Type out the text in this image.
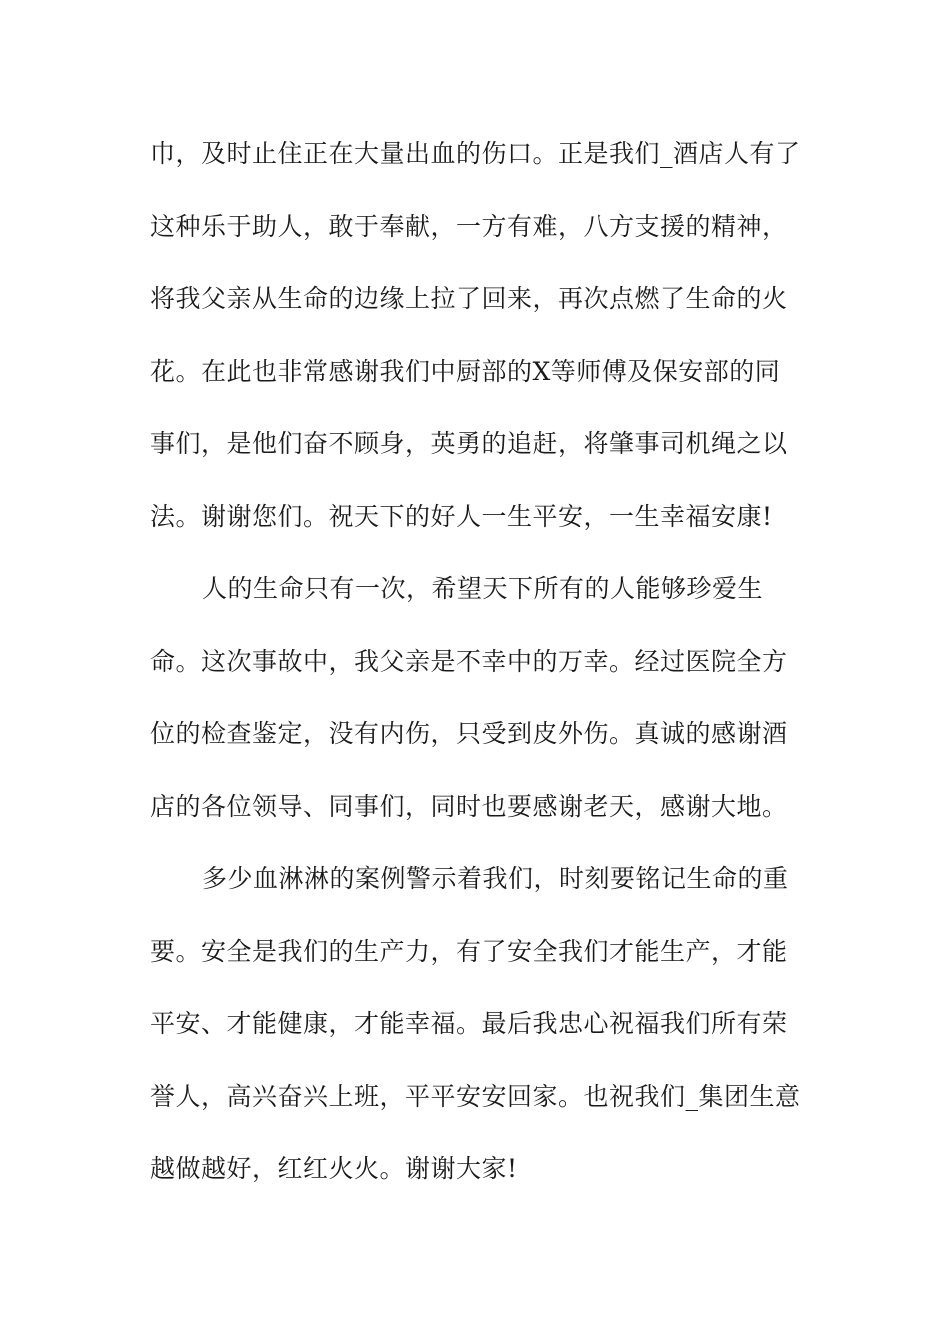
巾，及时止住正在大量出血的伤口。正是我们_酒店人有了
这种乐于助人，敢于奉献，一方有难，八方支援的精神，
将我父亲从生命的边缘上拉了回来，再次点燃了生命的火
花。在此也非常感谢我们中厨部的X等师傅及保安部的同
事们，是他们奋不顾身，英勇的追赶，将肇事司机绳之以
法。谢谢您们。祝天下的好人一生平安，一生幸福安康!
人的生命只有一次，希望天下所有的人能够珍爱生
命。这次事故中，我父亲是不幸中的万幸。经过医院全方
位的检查鉴定，没有内伤，只受到皮外伤。真诚的感谢酒
店的各位领导、同事们，同时也要感谢老天，感谢大地。
多少血淋淋的案例警示着我们，时刻要铭记生命的重
要。安全是我们的生产力，有了安全我们才能生产，才能
平安、才能健康，才能幸福。最后我忠心祝福我们所有荣
誉人，高兴奋兴上班，平平安安回家。也祝我们_集团生意
越做越好，红红火火。谢谢大家!
